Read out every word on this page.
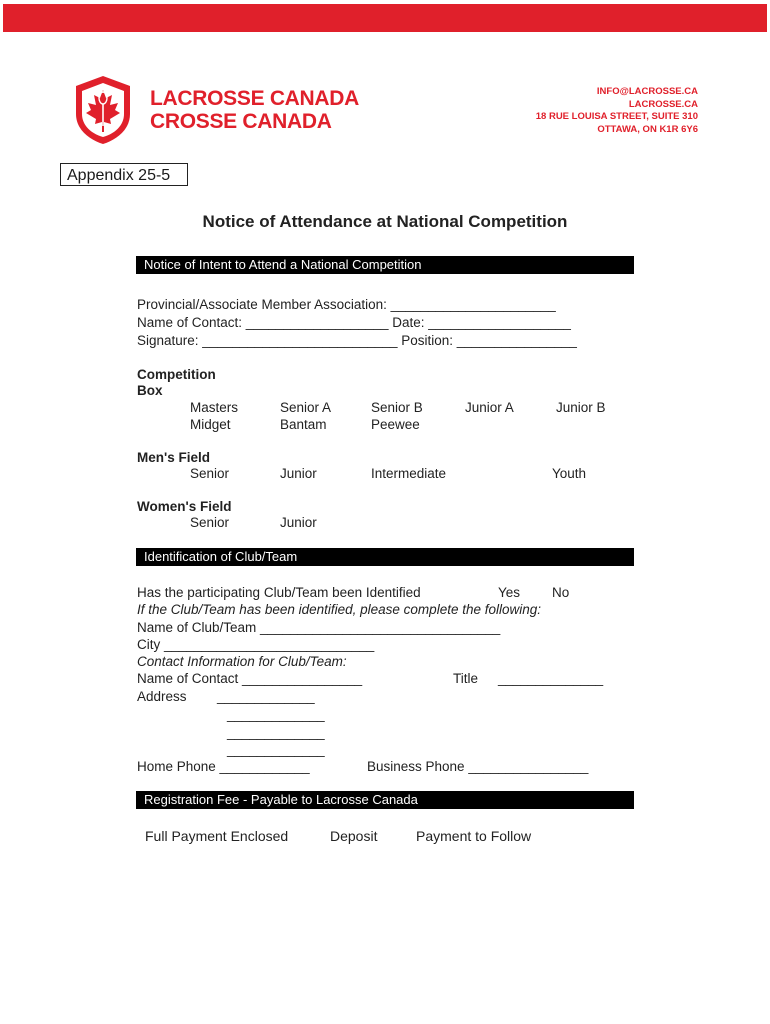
LACROSSE CANADA
CROSSE CANADA
INFO@LACROSSE.CA
LACROSSE.CA
18 RUE LOUISA STREET, SUITE 310
OTTAWA, ON K1R 6Y6
Appendix 25-5
Notice of Attendance at National Competition
Notice of Intent to Attend a National Competition
Provincial/Associate Member Association: ______________________
Name of Contact: ___________________ Date: ___________________
Signature: __________________________ Position: ________________
Competition
Box
Masters	Senior A	Senior B	Junior A	Junior B
Midget	Bantam	Peewee
Men's Field
Senior	Junior	Intermediate	Youth
Women's Field
Senior	Junior
Identification of Club/Team
Has the participating Club/Team been Identified	Yes No
If the Club/Team has been identified, please complete the following:
Name of Club/Team ________________________________
City ____________________________
Contact Information for Club/Team:
Name of Contact ________________	Title ______________
Address _____________
_____________
_____________
_____________
Home Phone ____________	Business Phone ________________
Registration Fee - Payable to Lacrosse Canada
Full Payment Enclosed	Deposit	Payment to Follow
